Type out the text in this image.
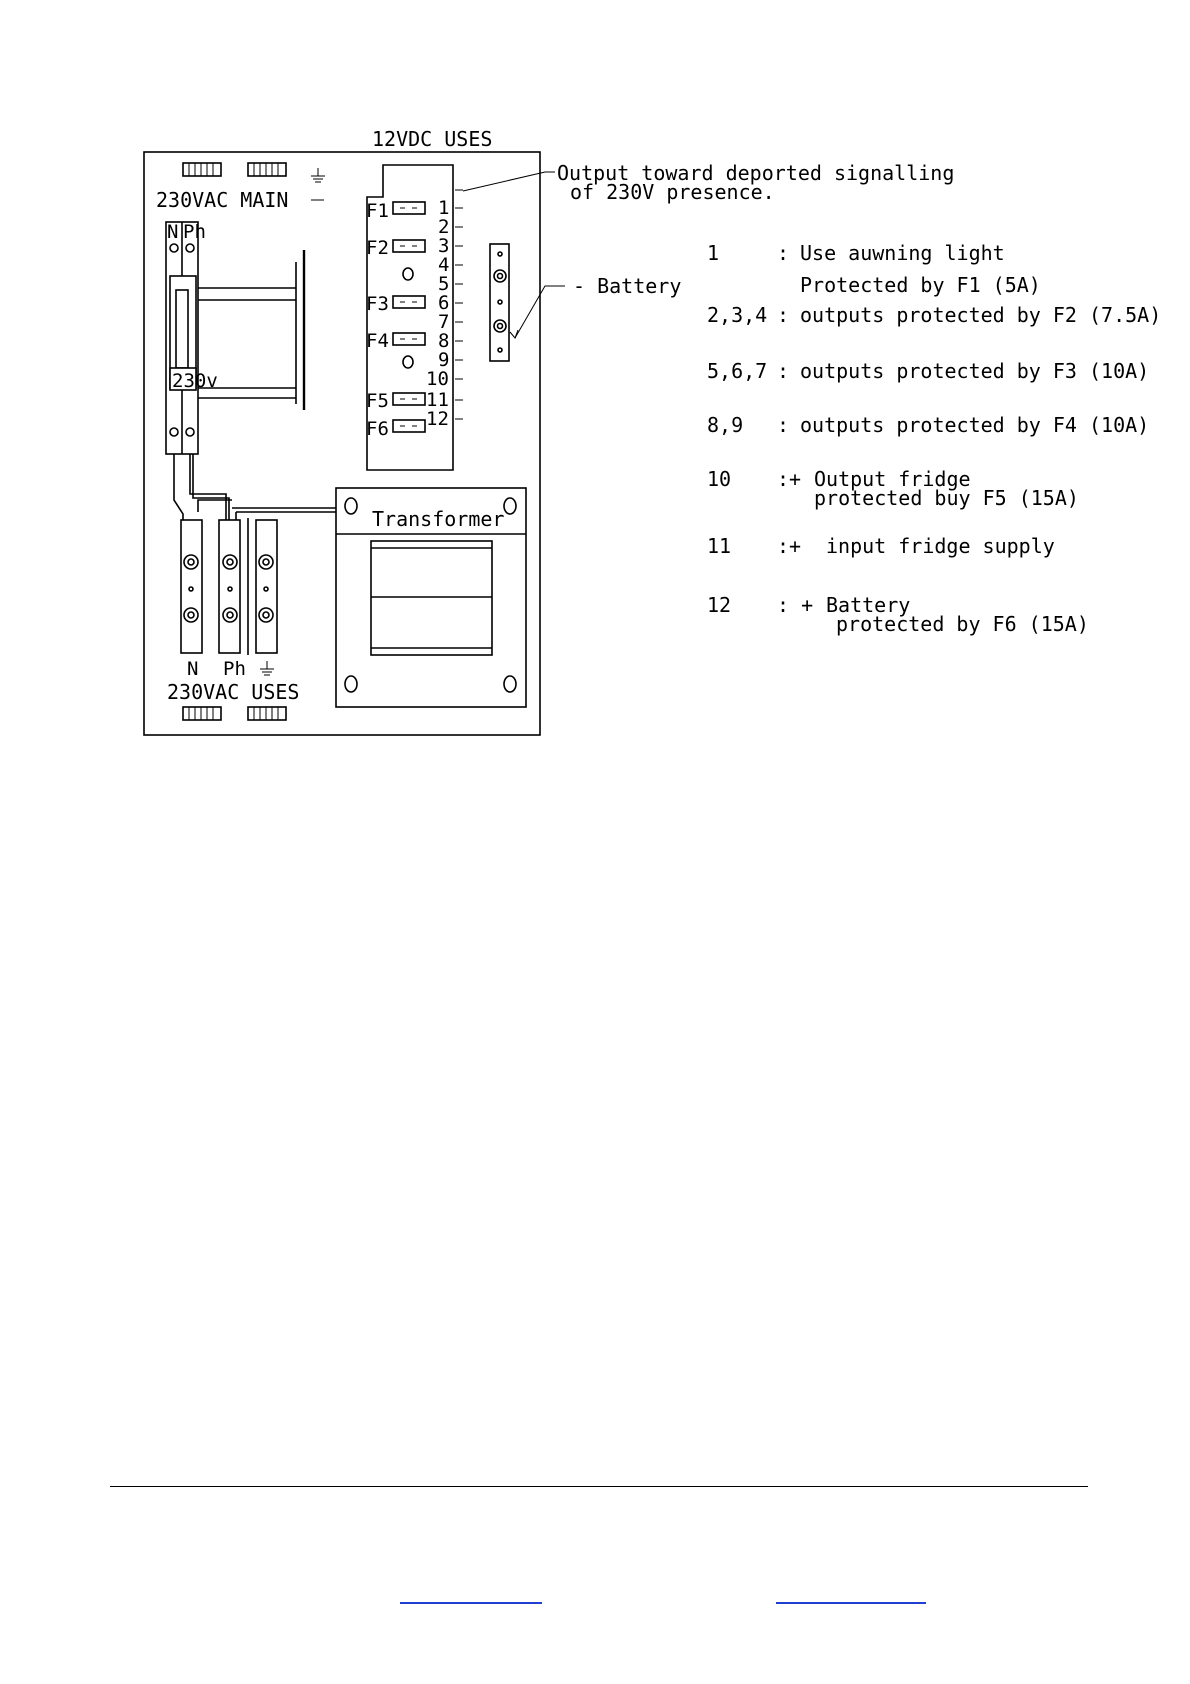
12VDC USES
230VAC MAIN
N Ph
230v
F1
F2
F3
F4
F5
F6
1
2
3
4
5
6
7
8
9
10
11
12
Output toward deported signalling
of 230V presence.
- Battery
N Ph
230VAC USES
Transformer
1	: Use auwning light
Protected by F1 (5A)
2,3,4 : outputs protected by F2 (7.5A)
5,6,7 : outputs protected by F3 (10A)
8,9 : outputs protected by F4 (10A)
10 :+ Output fridge
protected buy F5 (15A)
11 :+ input fridge supply
12 : + Battery
protected by F6 (15A)
